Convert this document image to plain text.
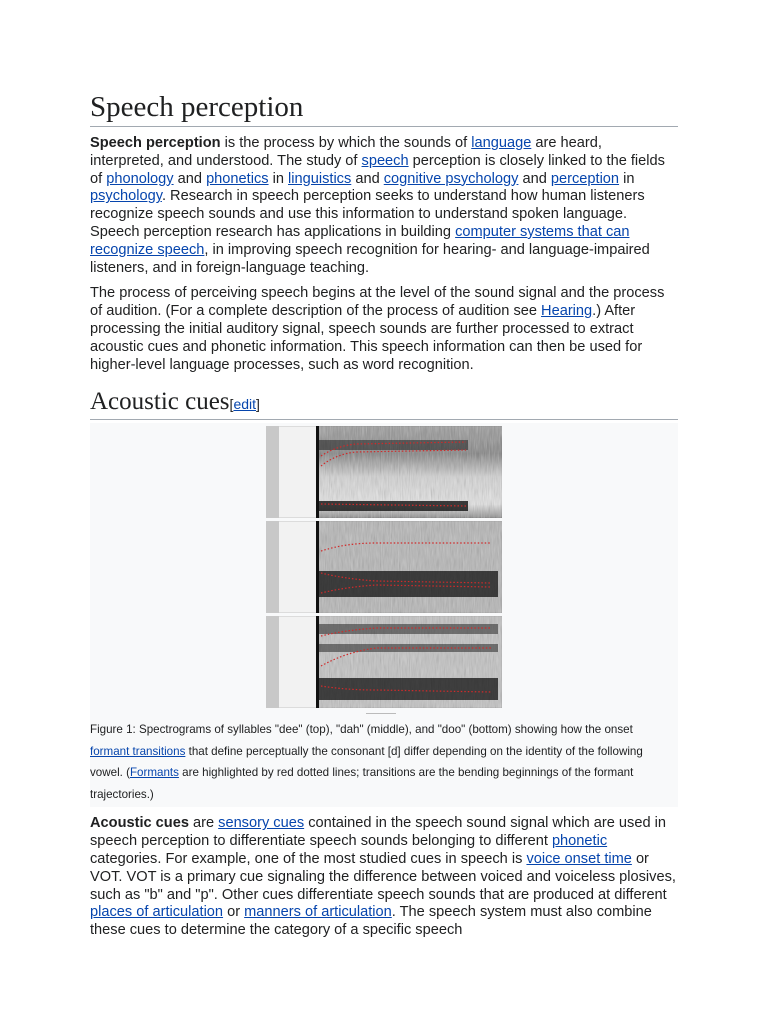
Speech perception

Speech perception is the process by which the sounds of language are heard, interpreted, and understood. The study of speech perception is closely linked to the fields of phonology and phonetics in linguistics and cognitive psychology and perception in psychology. Research in speech perception seeks to understand how human listeners recognize speech sounds and use this information to understand spoken language. Speech perception research has applications in building computer systems that can recognize speech, in improving speech recognition for hearing- and language-impaired listeners, and in foreign-language teaching.

The process of perceiving speech begins at the level of the sound signal and the process of audition. (For a complete description of the process of audition see Hearing.) After processing the initial auditory signal, speech sounds are further processed to extract acoustic cues and phonetic information. This speech information can then be used for higher-level language processes, such as word recognition.

Acoustic cues[edit]

Figure 1: Spectrograms of syllables "dee" (top), "dah" (middle), and "doo" (bottom) showing how the onset formant transitions that define perceptually the consonant [d] differ depending on the identity of the following vowel. (Formants are highlighted by red dotted lines; transitions are the bending beginnings of the formant trajectories.)

Acoustic cues are sensory cues contained in the speech sound signal which are used in speech perception to differentiate speech sounds belonging to different phonetic categories. For example, one of the most studied cues in speech is voice onset time or VOT. VOT is a primary cue signaling the difference between voiced and voiceless plosives, such as "b" and "p". Other cues differentiate speech sounds that are produced at different places of articulation or manners of articulation. The speech system must also combine these cues to determine the category of a specific speech
